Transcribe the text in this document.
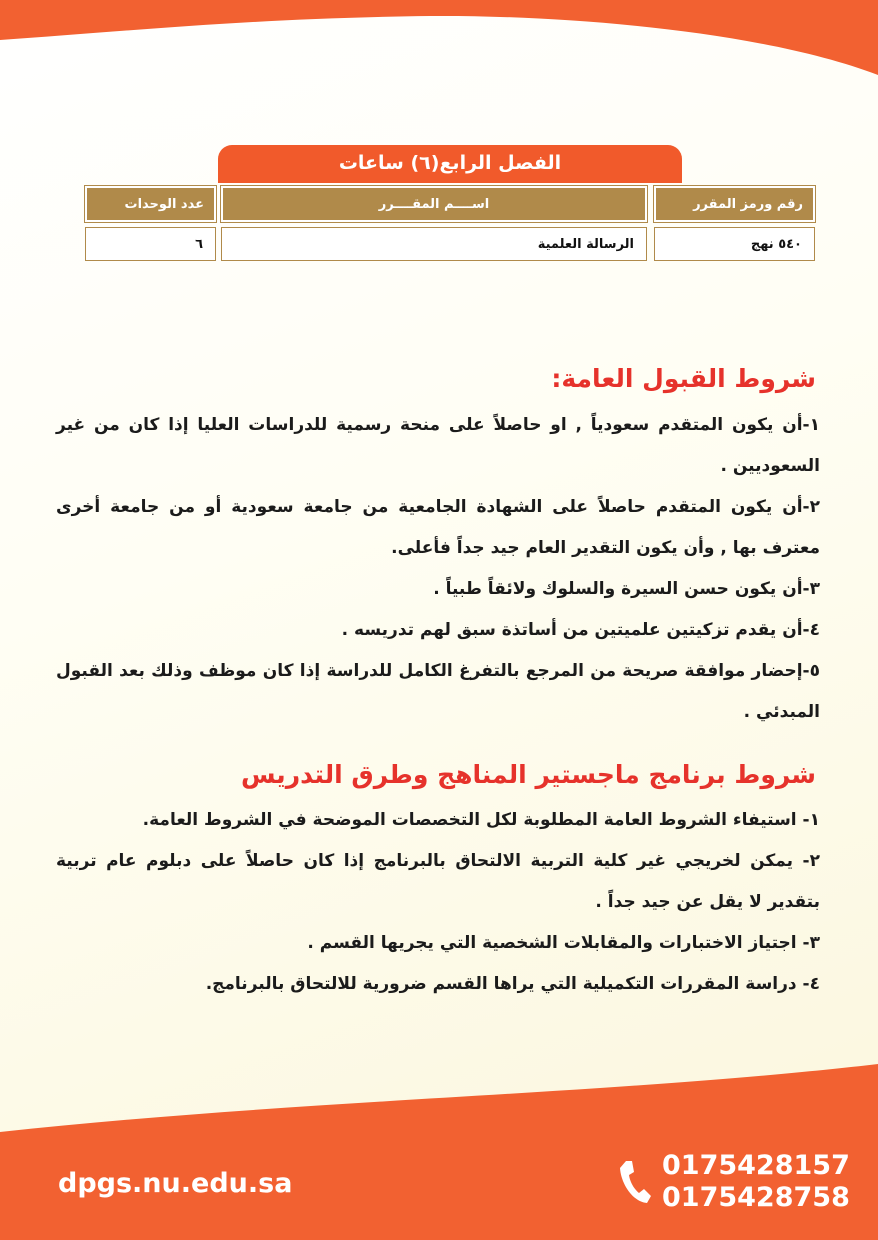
الفصل الرابع(٦) ساعات
رقم ورمز المقرر
اســــم المقــــرر
عدد الوحدات
٥٤٠ نهج
الرسالة العلمية
٦
شروط القبول العامة:
١-أن يكون المتقدم سعودياً , او حاصلاً على منحة رسمية للدراسات العليا إذا كان من غير السعوديين .
٢-أن يكون المتقدم حاصلاً على الشهادة الجامعية من جامعة سعودية أو من جامعة أخرى معترف بها , وأن يكون التقدير العام جيد جداً فأعلى.
٣-أن يكون حسن السيرة والسلوك ولائقاً طبياً .
٤-أن يقدم تزكيتين علميتين من أساتذة سبق لهم تدريسه .
٥-إحضار موافقة صريحة من المرجع بالتفرغ الكامل للدراسة إذا كان موظف وذلك بعد القبول المبدئي .
شروط برنامج ماجستير المناهج وطرق التدريس
١- استيفاء الشروط العامة المطلوبة لكل التخصصات الموضحة في الشروط العامة.
٢- يمكن لخريجي غير كلية التربية الالتحاق بالبرنامج إذا كان حاصلاً على دبلوم عام تربية بتقدير لا يقل عن جيد جداً .
٣- اجتياز الاختبارات والمقابلات الشخصية التي يجريها القسم .
٤- دراسة المقررات التكميلية التي يراها القسم ضرورية للالتحاق بالبرنامج.
dpgs.nu.edu.sa
0175428157
0175428758
